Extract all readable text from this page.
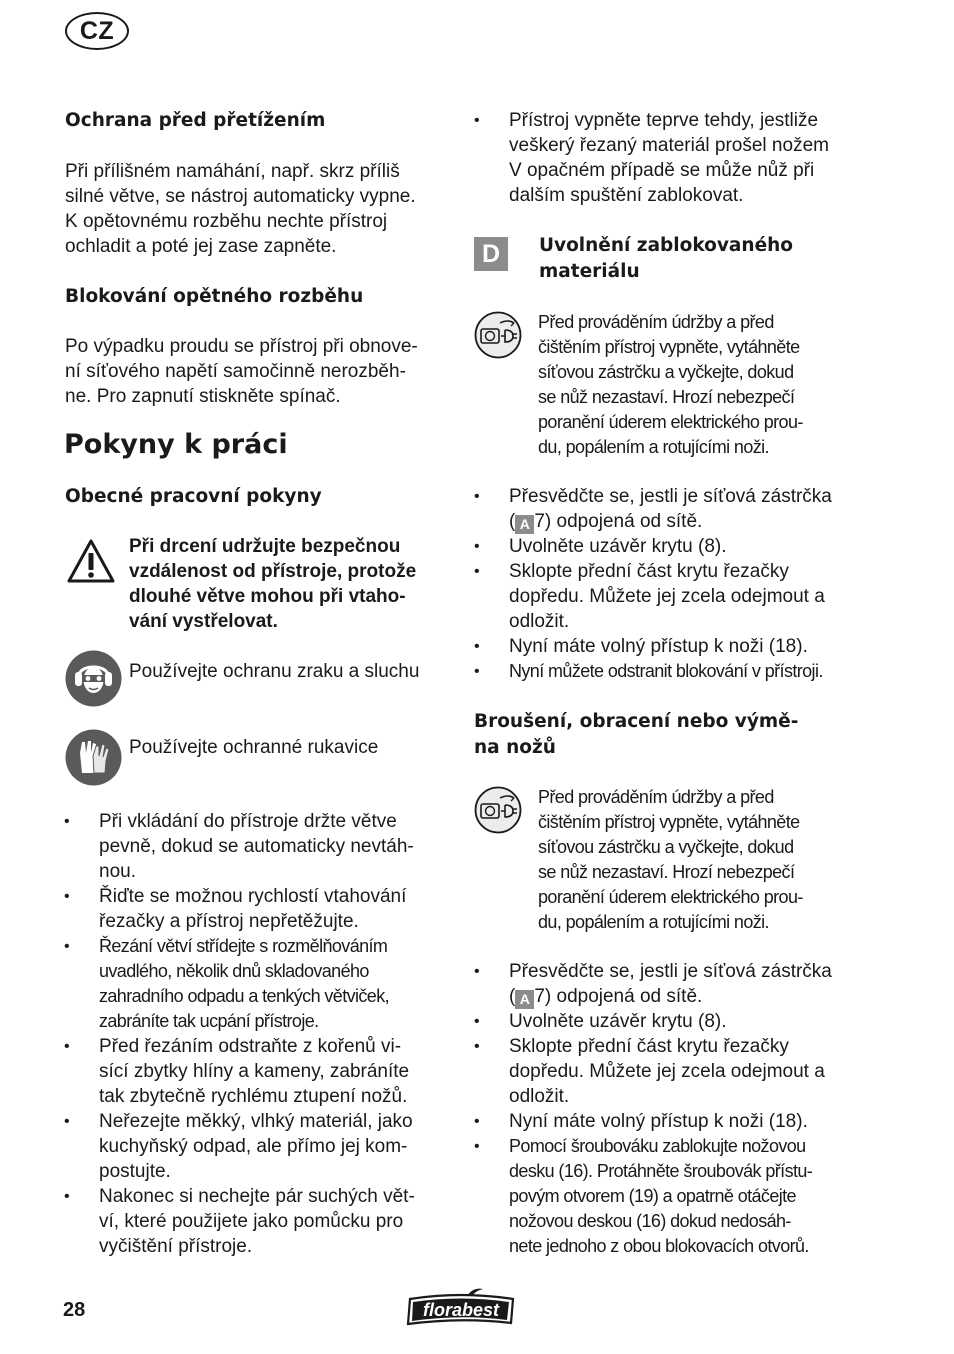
CZ
Ochrana před přetížením
Při přílišném namáhání, např. skrz příliš
silné větve, se nástroj automaticky vypne.
K opětovnému rozběhu nechte přístroj
ochladit a poté jej zase zapněte.
Blokování opětného rozběhu
Po výpadku proudu se přístroj při obnove-
ní síťového napětí samočinně nerozběh-
ne. Pro zapnutí stiskněte spínač.
Pokyny k práci
Obecné pracovní pokyny
Při drcení udržujte bezpečnou
vzdálenost od přístroje, protože
dlouhé větve mohou při vtaho-
vání vystřelovat.
Používejte ochranu zraku a sluchu
Používejte ochranné rukavice
• Při vkládání do přístroje držte větve
pevně, dokud se automaticky nevtáh-
nou.
• Řiďte se možnou rychlostí vtahování
řezačky a přístroj nepřetěžujte.
• Řezání větví střídejte s rozmělňováním
uvadlého, několik dnů skladovaného
zahradního odpadu a tenkých větviček,
zabráníte tak ucpání přístroje.
• Před řezáním odstraňte z kořenů vi-
sící zbytky hlíny a kameny, zabráníte
tak zbytečně rychlému ztupení nožů.
• Neřezejte měkký, vlhký materiál, jako
kuchyňský odpad, ale přímo jej kom-
postujte.
• Nakonec si nechejte pár suchých vět-
ví, které použijete jako pomůcku pro
vyčištění přístroje.
• Přístroj vypněte teprve tehdy, jestliže
veškerý řezaný materiál prošel nožem
V opačném případě se může nůž při
dalším spuštění zablokovat.
D	Uvolnění zablokovaného
materiálu
Před prováděním údržby a před
čištěním přístroj vypněte, vytáhněte
síťovou zástrčku a vyčkejte, dokud
se nůž nezastaví. Hrozí nebezpečí
poranění úderem elektrického prou-
du, popálením a rotujícími noži.
• Přesvědčte se, jestli je síťová zástrčka
( A 7) odpojená od sítě.
• Uvolněte uzávěr krytu (8).
• Sklopte přední část krytu řezačky
dopředu. Můžete jej zcela odejmout a
odložit.
• Nyní máte volný přístup k noži (18).
• Nyní můžete odstranit blokování v přístroji.
Broušení, obracení nebo výmě-
na nožů
Před prováděním údržby a před
čištěním přístroj vypněte, vytáhněte
síťovou zástrčku a vyčkejte, dokud
se nůž nezastaví. Hrozí nebezpečí
poranění úderem elektrického prou-
du, popálením a rotujícími noži.
• Přesvědčte se, jestli je síťová zástrčka
( A 7) odpojená od sítě.
• Uvolněte uzávěr krytu (8).
• Sklopte přední část krytu řezačky
dopředu. Můžete jej zcela odejmout a
odložit.
• Nyní máte volný přístup k noži (18).
• Pomocí šroubováku zablokujte nožovou
desku (16). Protáhněte šroubovák přístu-
povým otvorem (19) a opatrně otáčejte
nožovou deskou (16) dokud nedosáh-
nete jednoho z obou blokovacích otvorů.
28	florabest
